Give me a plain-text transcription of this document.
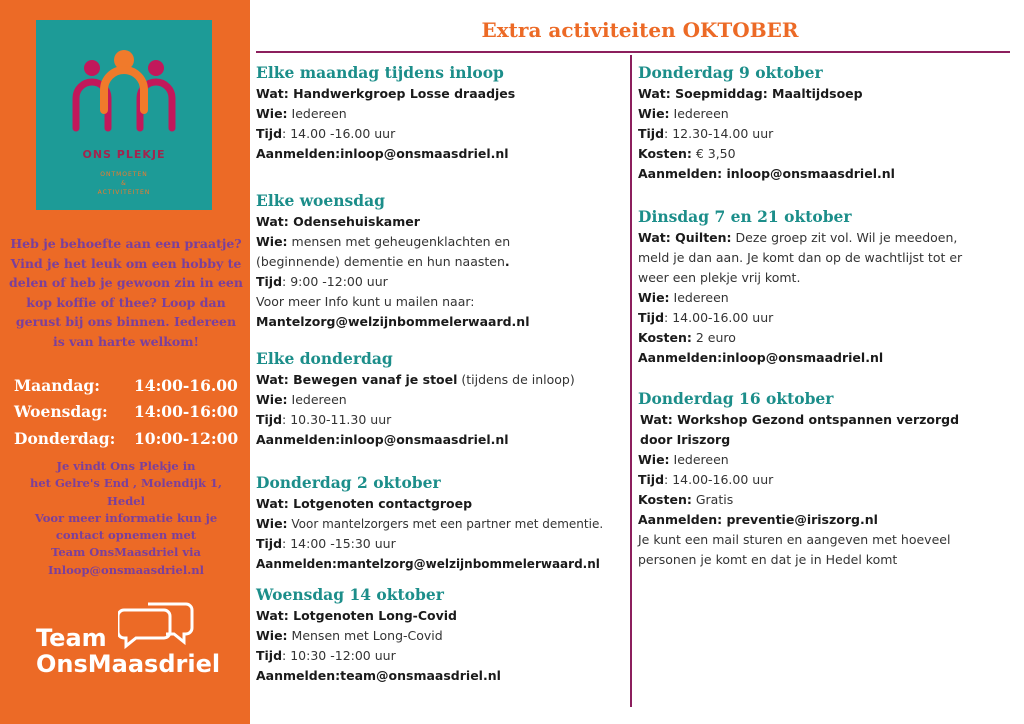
ONS PLEKJE
ONTMOETEN
&
ACTIVITEITEN
Heb je behoefte aan een praatje? Vind je het leuk om een hobby te delen of heb je gewoon zin in een kop koffie of thee? Loop dan gerust bij ons binnen. Iedereen is van harte welkom!
Maandag:	14:00-16.00
Woensdag:	14:00-16:00
Donderdag:	10:00-12:00
Je vindt Ons Plekje in
het Gelre's End , Molendijk 1,
Hedel
Voor meer informatie kun je
contact opnemen met
Team OnsMaasdriel via
Inloop@onsmaasdriel.nl
Team
OnsMaasdriel
Extra activiteiten OKTOBER
Elke maandag tijdens inloop
Wat: Handwerkgroep Losse draadjes
Wie: Iedereen
Tijd: 14.00 -16.00 uur
Aanmelden:inloop@onsmaasdriel.nl
Elke woensdag
Wat: Odensehuiskamer
Wie: mensen met geheugenklachten en
(beginnende) dementie en hun naasten.
Tijd: 9:00 -12:00 uur
Voor meer Info kunt u mailen naar:
Mantelzorg@welzijnbommelerwaard.nl
Elke donderdag
Wat: Bewegen vanaf je stoel (tijdens de inloop)
Wie: Iedereen
Tijd: 10.30-11.30 uur
Aanmelden:inloop@onsmaasdriel.nl
Donderdag 2 oktober
Wat: Lotgenoten contactgroep
Wie: Voor mantelzorgers met een partner met dementie.
Tijd: 14:00 -15:30 uur
Aanmelden:mantelzorg@welzijnbommelerwaard.nl
Woensdag 14 oktober
Wat: Lotgenoten Long-Covid
Wie: Mensen met Long-Covid
Tijd: 10:30 -12:00 uur
Aanmelden:team@onsmaasdriel.nl
Donderdag 9 oktober
Wat: Soepmiddag: Maaltijdsoep
Wie: Iedereen
Tijd: 12.30-14.00 uur
Kosten: € 3,50
Aanmelden: inloop@onsmaasdriel.nl
Dinsdag 7 en 21 oktober
Wat: Quilten: Deze groep zit vol. Wil je meedoen,
meld je dan aan. Je komt dan op de wachtlijst tot er
weer een plekje vrij komt.
Wie: Iedereen
Tijd: 14.00-16.00 uur
Kosten: 2 euro
Aanmelden:inloop@onsmaadriel.nl
Donderdag 16 oktober
Wat: Workshop Gezond ontspannen verzorgd
door Iriszorg
Wie: Iedereen
Tijd: 14.00-16.00 uur
Kosten: Gratis
Aanmelden: preventie@iriszorg.nl
Je kunt een mail sturen en aangeven met hoeveel
personen je komt en dat je in Hedel komt
